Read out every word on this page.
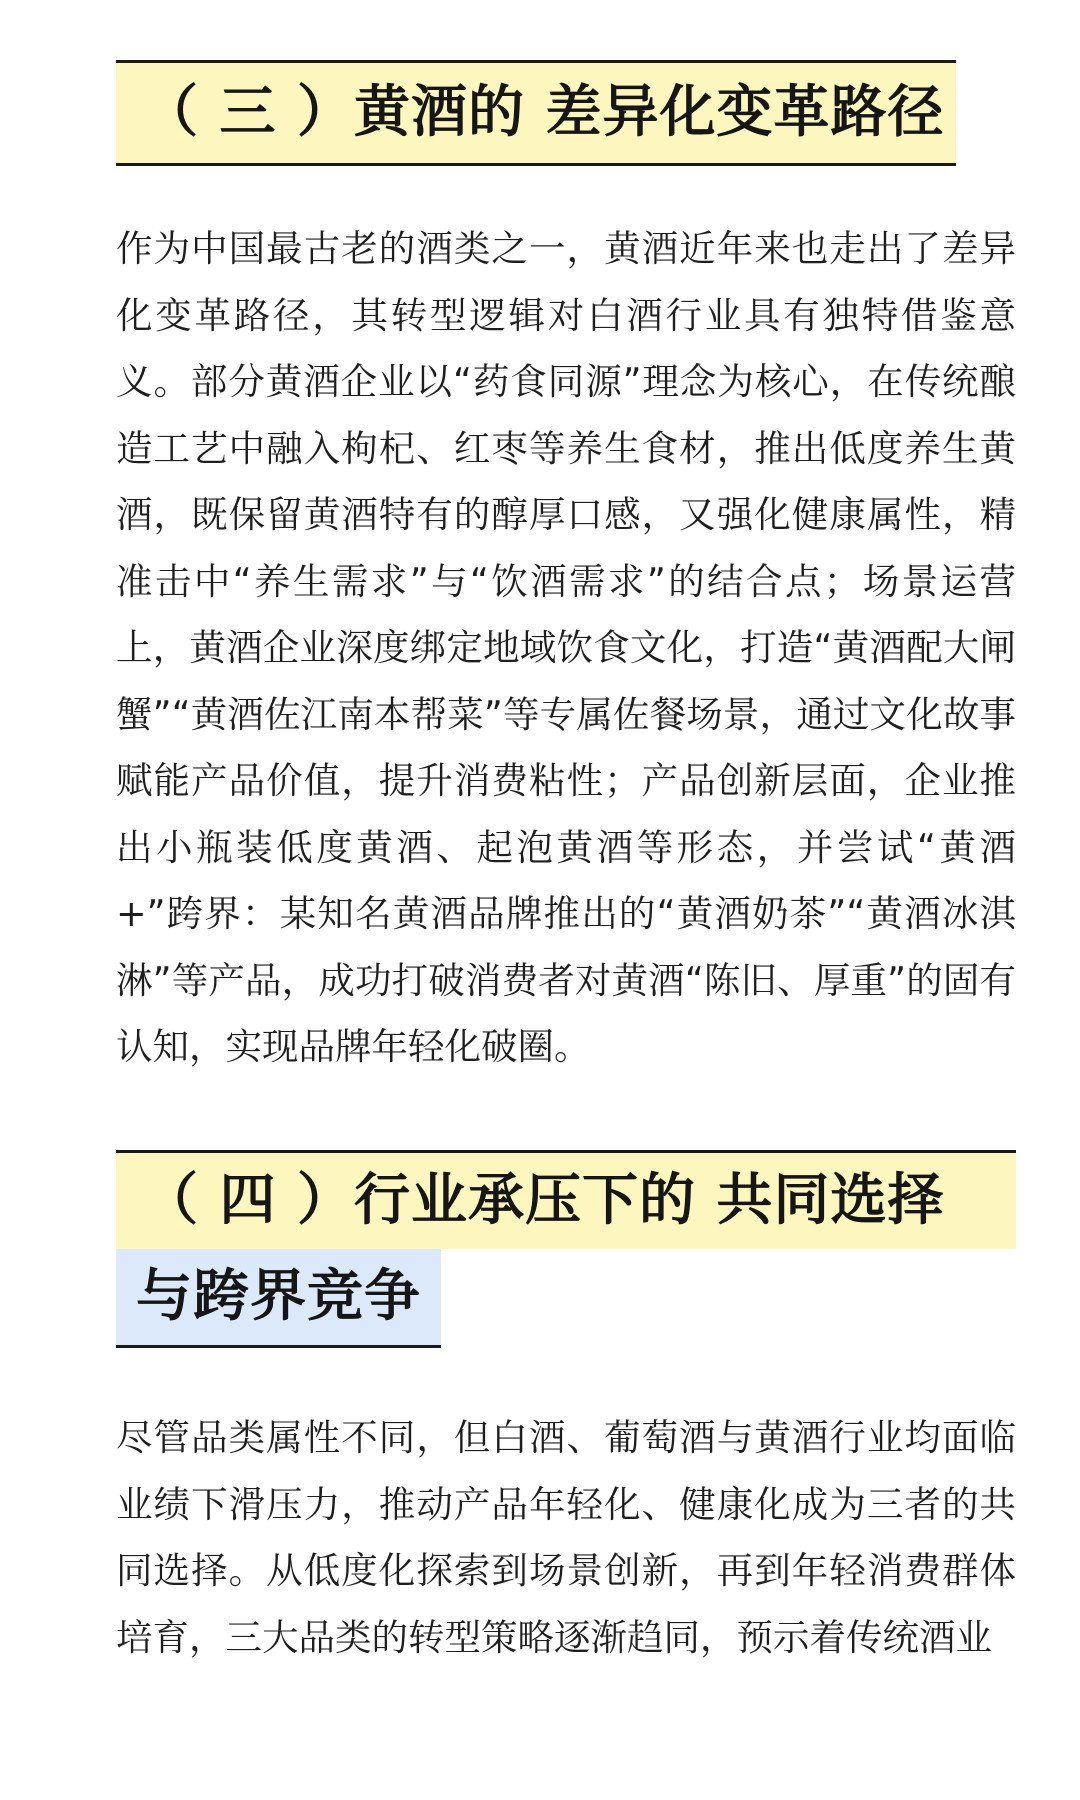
（ 三 ）黄酒的 差异化变革路径

作为中国最古老的酒类之一，黄酒近年来也走出了差异化变革路径，其转型逻辑对白酒行业具有独特借鉴意义。部分黄酒企业以“药食同源”理念为核心，在传统酿造工艺中融入枸杞、红枣等养生食材，推出低度养生黄酒，既保留黄酒特有的醇厚口感，又强化健康属性，精准击中“养生需求”与“饮酒需求”的结合点；场景运营上，黄酒企业深度绑定地域饮食文化，打造“黄酒配大闸蟹”“黄酒佐江南本帮菜”等专属佐餐场景，通过文化故事赋能产品价值，提升消费粘性；产品创新层面，企业推出小瓶装低度黄酒、起泡黄酒等形态，并尝试“黄酒+”跨界：某知名黄酒品牌推出的“黄酒奶茶”“黄酒冰淇淋”等产品，成功打破消费者对黄酒“陈旧、厚重”的固有认知，实现品牌年轻化破圈。

（ 四 ）行业承压下的 共同选择
与跨界竞争

尽管品类属性不同，但白酒、葡萄酒与黄酒行业均面临业绩下滑压力，推动产品年轻化、健康化成为三者的共同选择。从低度化探索到场景创新，再到年轻消费群体培育，三大品类的转型策略逐渐趋同，预示着传统酒业
